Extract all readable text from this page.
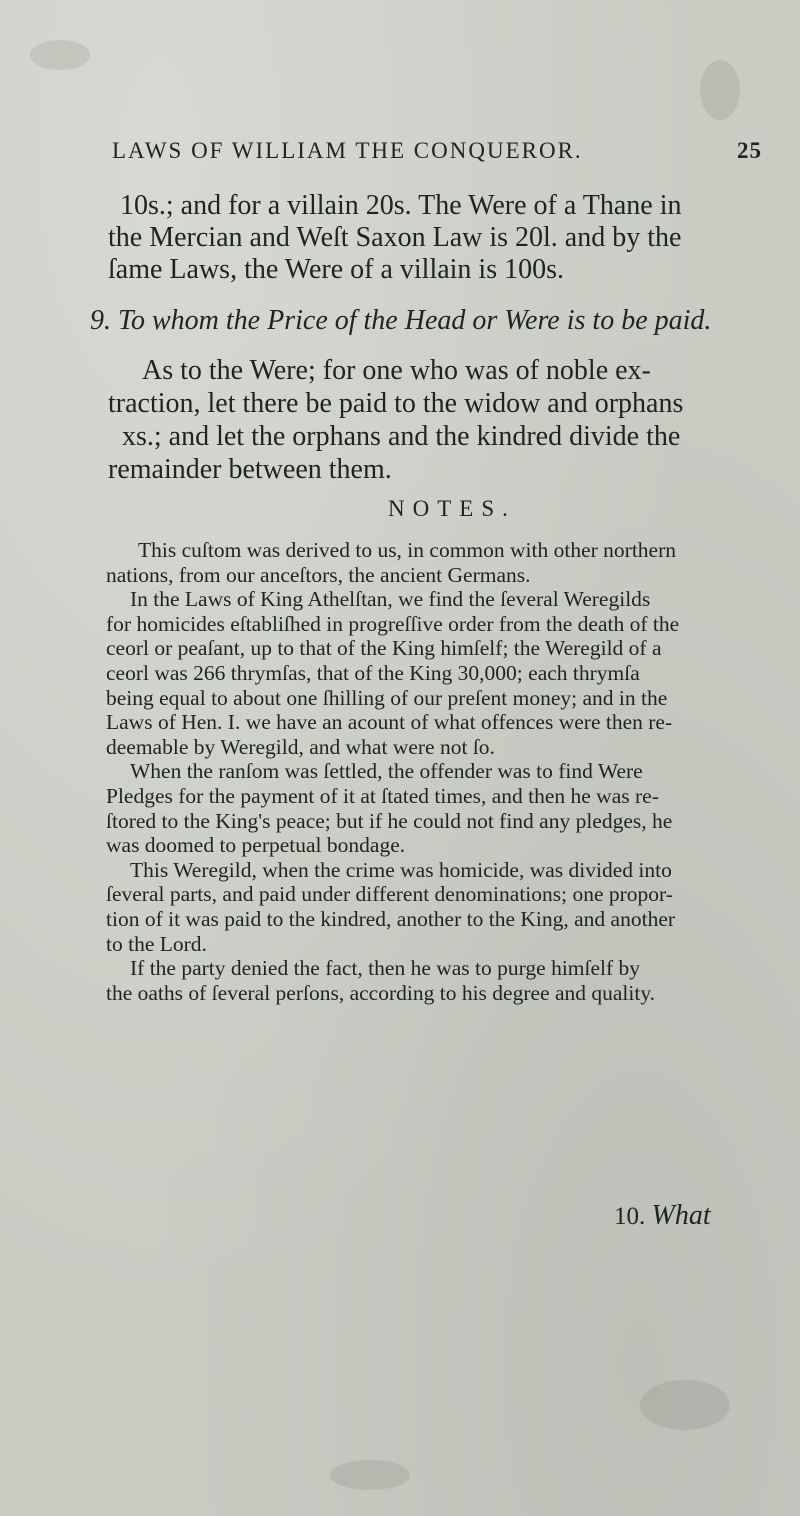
LAWS OF WILLIAM THE CONQUEROR.	25
10s.; and for a villain 20s. The Were of a Thane in
the Mercian and Weſt Saxon Law is 20l. and by the
ſame Laws, the Were of a villain is 100s.
9. To whom the Price of the Head or Were is to be paid.
As to the Were; for one who was of noble ex-
traction, let there be paid to the widow and orphans
xs.; and let the orphans and the kindred divide the
remainder between them.
NOTES.
This cuſtom was derived to us, in common with other northern
nations, from our anceſtors, the ancient Germans.
In the Laws of King Athelſtan, we find the ſeveral Weregilds
for homicides eſtabliſhed in progreſſive order from the death of the
ceorl or peaſant, up to that of the King himſelf; the Weregild of a
ceorl was 266 thrymſas, that of the King 30,000; each thrymſa
being equal to about one ſhilling of our preſent money; and in the
Laws of Hen. I. we have an acount of what offences were then re-
deemable by Weregild, and what were not ſo.
When the ranſom was ſettled, the offender was to find Were
Pledges for the payment of it at ſtated times, and then he was re-
ſtored to the King's peace; but if he could not find any pledges, he
was doomed to perpetual bondage.
This Weregild, when the crime was homicide, was divided into
ſeveral parts, and paid under different denominations; one propor-
tion of it was paid to the kindred, another to the King, and another
to the Lord.
If the party denied the fact, then he was to purge himſelf by
the oaths of ſeveral perſons, according to his degree and quality.
10. What
